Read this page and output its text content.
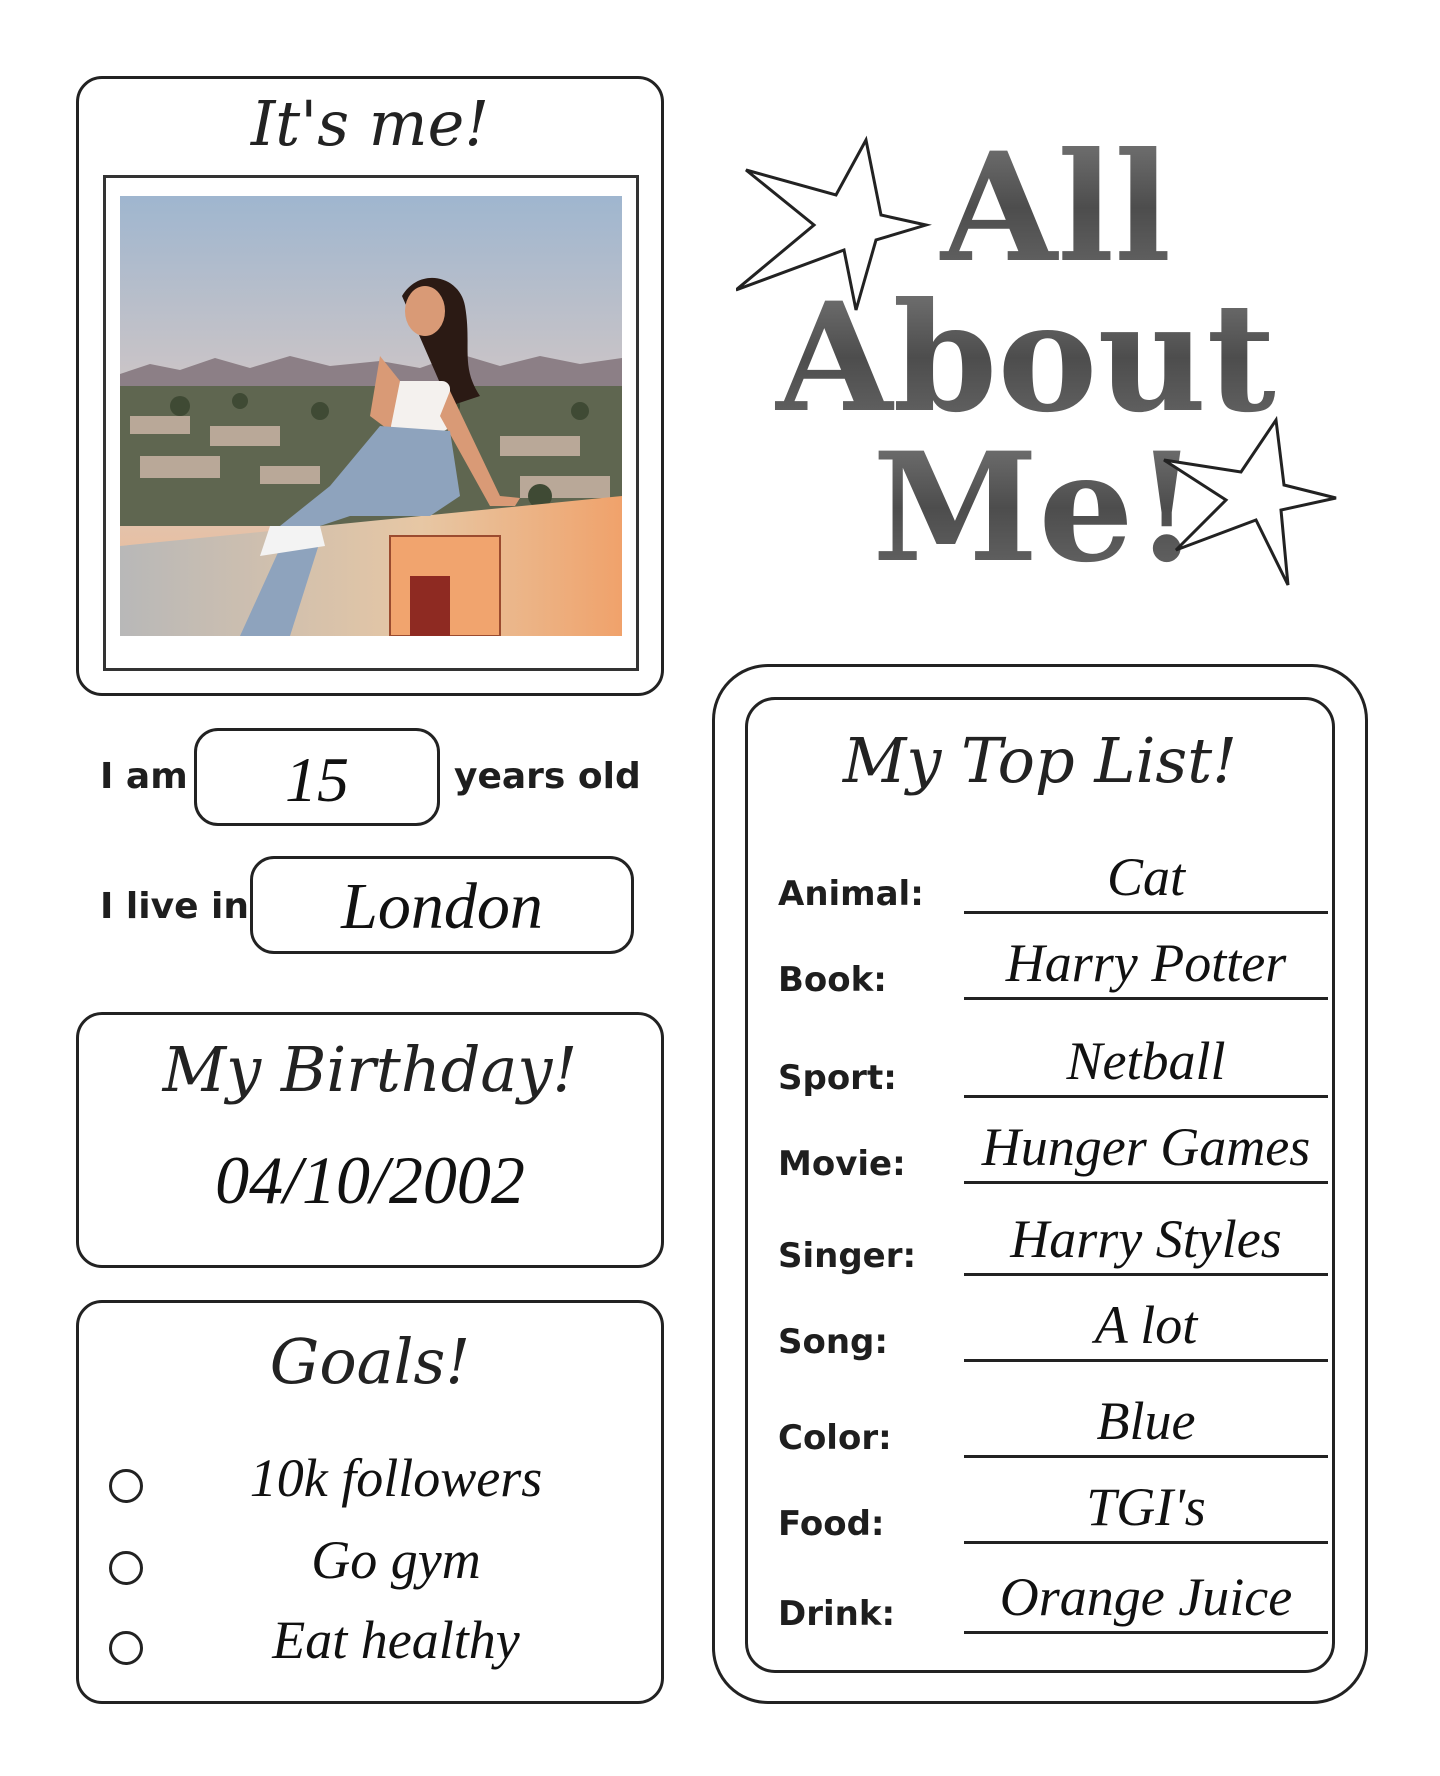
It's me!
I am	15	years old
I live in	London
All
About
Me!
My Top List!
Animal:	Cat
Book:	Harry Potter
Sport:	Netball
Movie:	Hunger Games
Singer:	Harry Styles
Song:	A lot
Color:	Blue
Food:	TGI's
Drink:	Orange Juice
My Birthday!
04/10/2002
Goals!
10k followers
Go gym
Eat healthy
